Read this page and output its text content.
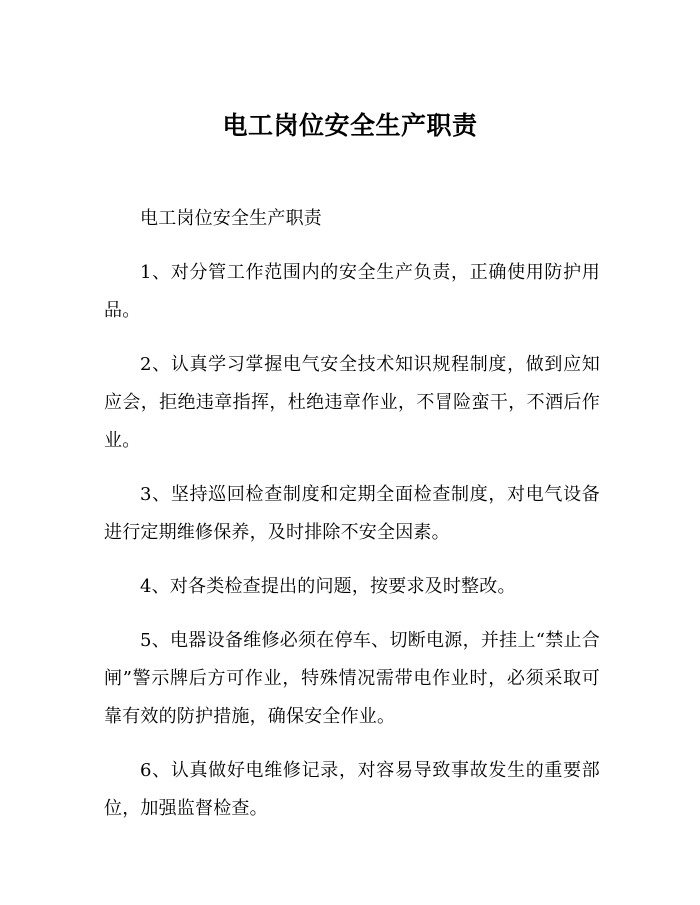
电工岗位安全生产职责

电工岗位安全生产职责

1、对分管工作范围内的安全生产负责，正确使用防护用品。

2、认真学习掌握电气安全技术知识规程制度，做到应知应会，拒绝违章指挥，杜绝违章作业，不冒险蛮干，不酒后作业。

3、坚持巡回检查制度和定期全面检查制度，对电气设备进行定期维修保养，及时排除不安全因素。

4、对各类检查提出的问题，按要求及时整改。

5、电器设备维修必须在停车、切断电源，并挂上“禁止合闸”警示牌后方可作业，特殊情况需带电作业时，必须采取可靠有效的防护措施，确保安全作业。

6、认真做好电维修记录，对容易导致事故发生的重要部位，加强监督检查。
